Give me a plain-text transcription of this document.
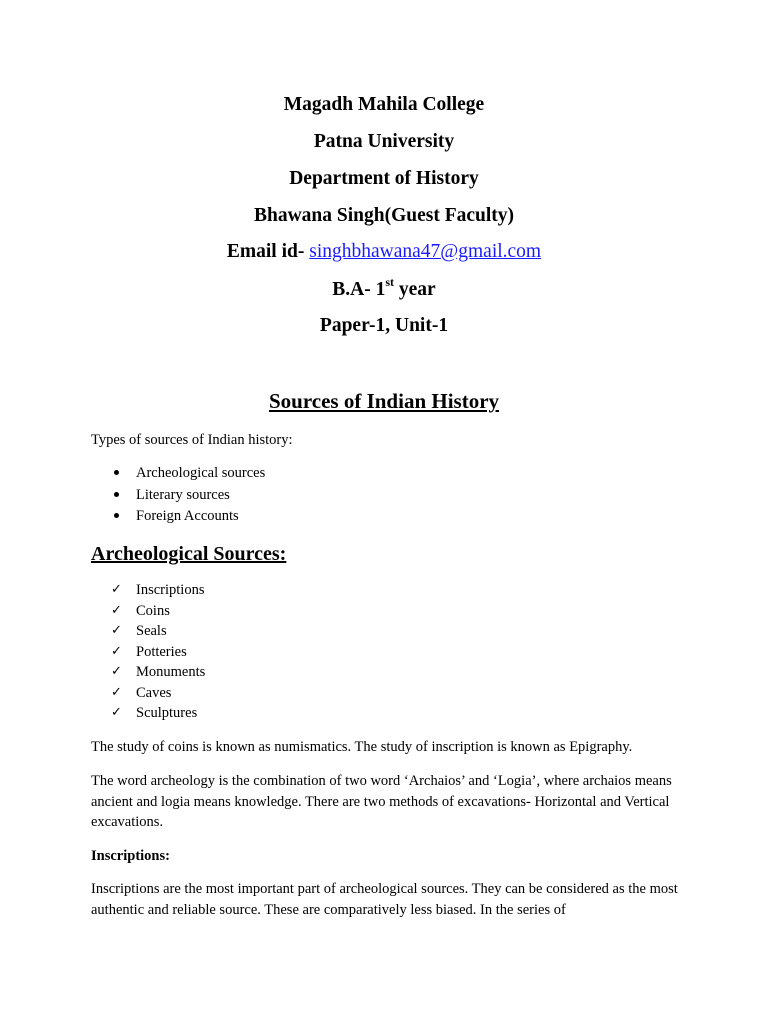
Magadh Mahila College
Patna University
Department of History
Bhawana Singh(Guest Faculty)
Email id- singhbhawana47@gmail.com
B.A- 1st year
Paper-1, Unit-1
Sources of Indian History
Types of sources of Indian history:
Archeological sources
Literary sources
Foreign Accounts
Archeological Sources:
✓ Inscriptions
✓ Coins
✓ Seals
✓ Potteries
✓ Monuments
✓ Caves
✓ Sculptures
The study of coins is known as numismatics. The study of inscription is known as Epigraphy.
The word archeology is the combination of two word ‘Archaios’ and ‘Logia’, where archaios means ancient and logia means knowledge. There are two methods of excavations- Horizontal and Vertical excavations.
Inscriptions:
Inscriptions are the most important part of archeological sources. They can be considered as the most authentic and reliable source. These are comparatively less biased. In the series of
